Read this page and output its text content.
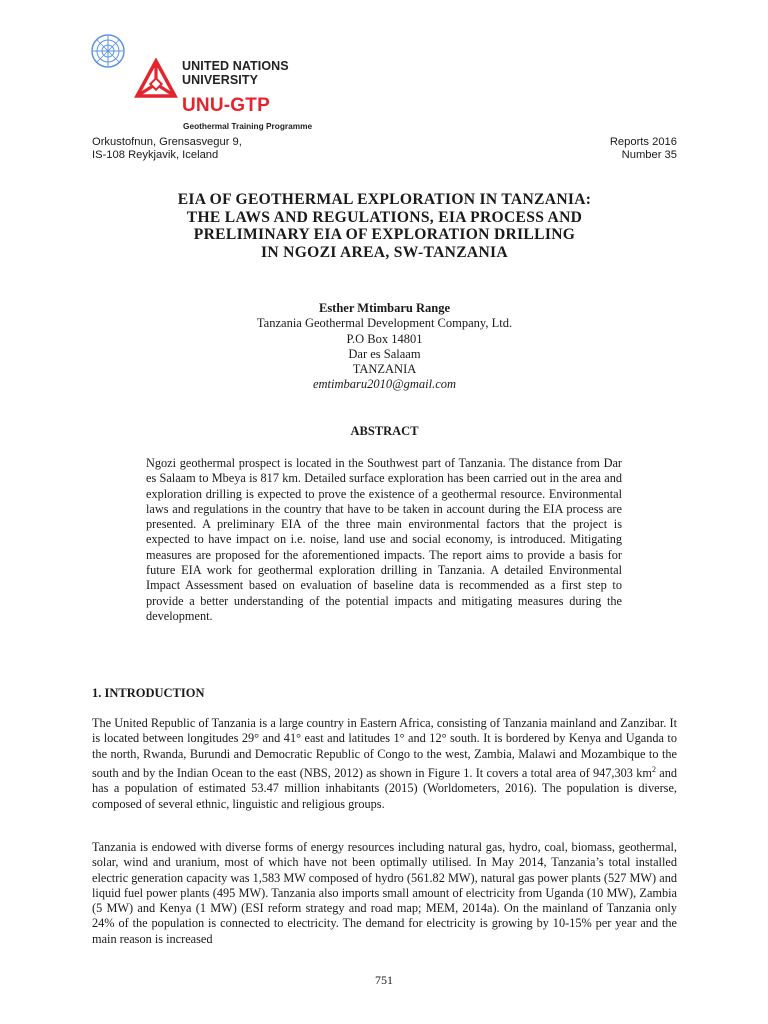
UNITED NATIONS
UNIVERSITY
UNU-GTP
Geothermal Training Programme
Orkustofnun, Grensasvegur 9,
IS-108 Reykjavik, Iceland
Reports 2016
Number 35
EIA OF GEOTHERMAL EXPLORATION IN TANZANIA:
THE LAWS AND REGULATIONS, EIA PROCESS AND
PRELIMINARY EIA OF EXPLORATION DRILLING
IN NGOZI AREA, SW-TANZANIA
Esther Mtimbaru Range
Tanzania Geothermal Development Company, Ltd.
P.O Box 14801
Dar es Salaam
TANZANIA
emtimbaru2010@gmail.com
ABSTRACT
Ngozi geothermal prospect is located in the Southwest part of Tanzania. The distance from Dar es Salaam to Mbeya is 817 km. Detailed surface exploration has been carried out in the area and exploration drilling is expected to prove the existence of a geothermal resource. Environmental laws and regulations in the country that have to be taken in account during the EIA process are presented. A preliminary EIA of the three main environmental factors that the project is expected to have impact on i.e. noise, land use and social economy, is introduced. Mitigating measures are proposed for the aforementioned impacts. The report aims to provide a basis for future EIA work for geothermal exploration drilling in Tanzania. A detailed Environmental Impact Assessment based on evaluation of baseline data is recommended as a first step to provide a better understanding of the potential impacts and mitigating measures during the development.
1. INTRODUCTION
The United Republic of Tanzania is a large country in Eastern Africa, consisting of Tanzania mainland and Zanzibar. It is located between longitudes 29° and 41° east and latitudes 1° and 12° south. It is bordered by Kenya and Uganda to the north, Rwanda, Burundi and Democratic Republic of Congo to the west, Zambia, Malawi and Mozambique to the south and by the Indian Ocean to the east (NBS, 2012) as shown in Figure 1. It covers a total area of 947,303 $km^2$ and has a population of estimated 53.47 million inhabitants (2015) (Worldometers, 2016). The population is diverse, composed of several ethnic, linguistic and religious groups.
Tanzania is endowed with diverse forms of energy resources including natural gas, hydro, coal, biomass, geothermal, solar, wind and uranium, most of which have not been optimally utilised. In May 2014, Tanzania’s total installed electric generation capacity was 1,583 MW composed of hydro (561.82 MW), natural gas power plants (527 MW) and liquid fuel power plants (495 MW). Tanzania also imports small amount of electricity from Uganda (10 MW), Zambia (5 MW) and Kenya (1 MW) (ESI reform strategy and road map; MEM, 2014a). On the mainland of Tanzania only 24% of the population is connected to electricity. The demand for electricity is growing by 10-15% per year and the main reason is increased
751
